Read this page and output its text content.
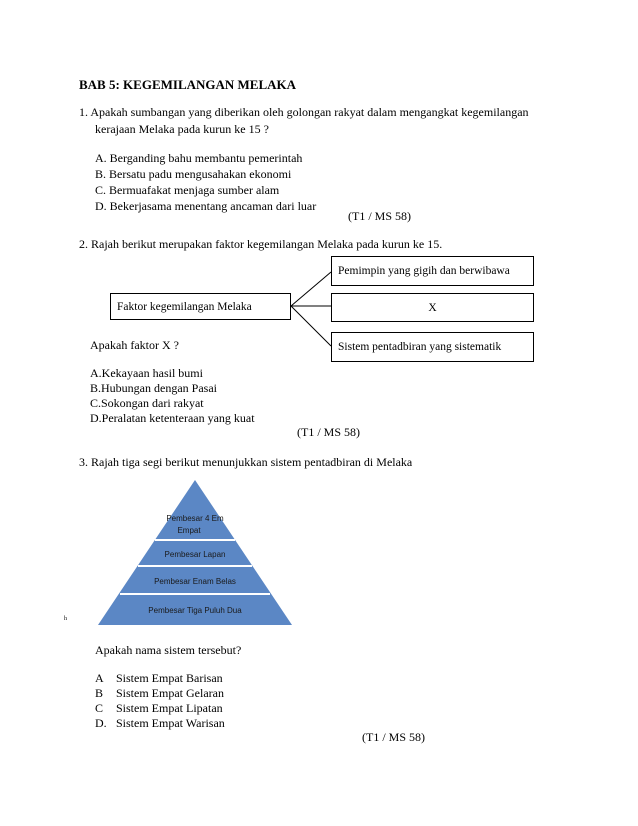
BAB 5: KEGEMILANGAN MELAKA
1. Apakah sumbangan yang diberikan oleh golongan rakyat dalam mengangkat kegemilangan
kerajaan Melaka pada kurun ke 15 ?
A. Berganding bahu membantu pemerintah
B. Bersatu padu mengusahakan ekonomi
C. Bermuafakat menjaga sumber alam
D. Bekerjasama menentang ancaman dari luar
(T1 / MS 58)
2. Rajah berikut merupakan faktor kegemilangan Melaka pada kurun ke 15.
Faktor kegemilangan Melaka
Pemimpin yang gigih dan berwibawa
X
Sistem pentadbiran yang sistematik
Apakah faktor X ?
A.Kekayaan hasil bumi
B.Hubungan dengan Pasai
C.Sokongan dari rakyat
D.Peralatan ketenteraan yang kuat
(T1 / MS 58)
3. Rajah tiga segi berikut menunjukkan sistem pentadbiran di Melaka
Pembesar 4 Em
Empat
Pembesar Lapan
Pembesar Enam Belas
Pembesar Tiga Puluh Dua
h
Apakah nama sistem tersebut?
A Sistem Empat Barisan
B Sistem Empat Gelaran
C Sistem Empat Lipatan
D. Sistem Empat Warisan
(T1 / MS 58)
